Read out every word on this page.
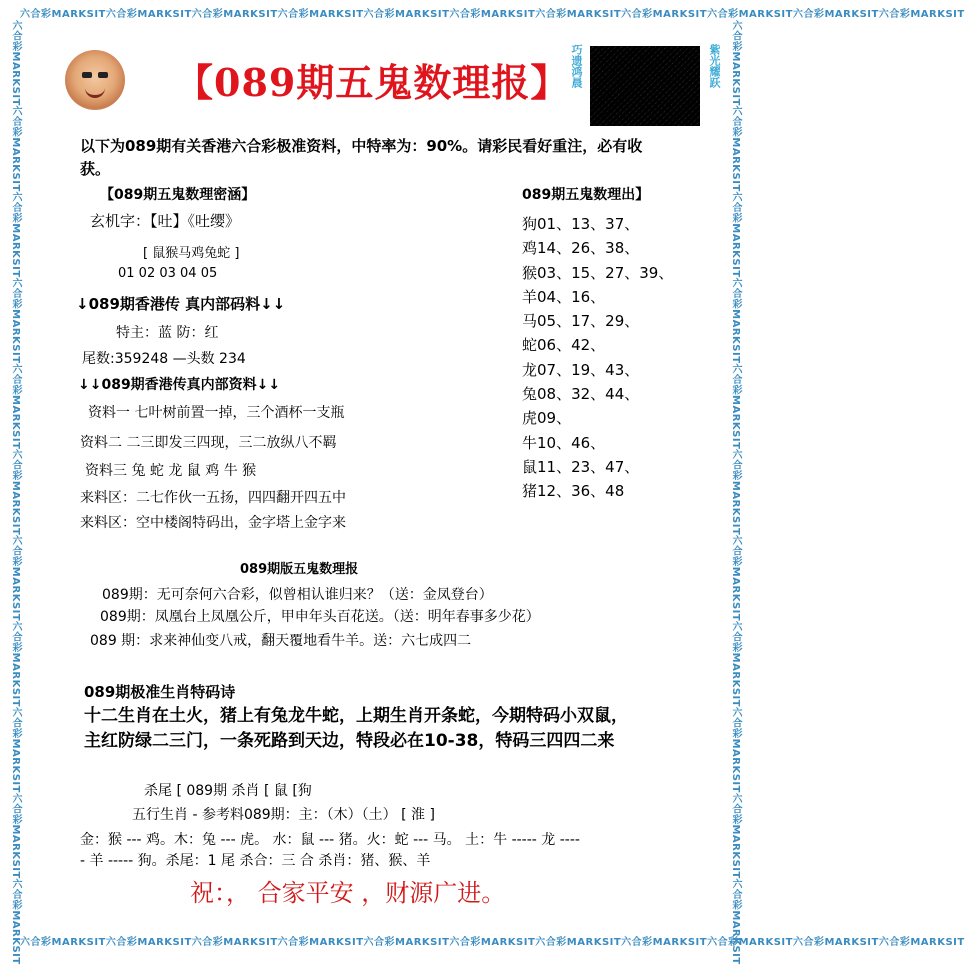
六合彩MARKSIT六合彩MARKSIT六合彩MARKSIT六合彩MARKSIT六合彩MARKSIT六合彩MARKSIT六合彩MARKSIT六合彩MARKSIT六合彩MARKSIT六合彩MARKSIT六合彩MARKSIT
六合彩MARKSIT六合彩MARKSIT六合彩MARKSIT六合彩MARKSIT六合彩MARKSIT六合彩MARKSIT六合彩MARKSIT六合彩MARKSIT六合彩MARKSIT六合彩MARKSIT六合彩MARKSIT
六合彩MARKSIT六合彩MARKSIT六合彩MARKSIT六合彩MARKSIT六合彩MARKSIT六合彩MARKSIT六合彩MARKSIT六合彩MARKSIT六合彩MARKSIT六合彩MARKSIT六合彩MARKSIT	六合彩MARKSIT六合彩MARKSIT六合彩MARKSIT六合彩MARKSIT六合彩MARKSIT六合彩MARKSIT六合彩MARKSIT六合彩MARKSIT六合彩MARKSIT六合彩MARKSIT六合彩MARKSIT
【089期五鬼数理报】 巧遗鸿晨	紫光耀跃
以下为089期有关香港六合彩极准资料，中特率为：90%。请彩民看好重注，必有收
获。
【089期五鬼数理密涵】
玄机字：【吐】《吐缨》
[ 鼠猴马鸡兔蛇 ]
01 02 03 04 05
↓089期香港传 真内部码料↓↓
特主：蓝 防：红
尾数:359248 —头数 234
↓↓089期香港传真内部资料↓↓
资料一 七叶树前置一掉，三个酒杯一支瓶
资料二 二三即发三四现，三二放纵八不羁
资料三 兔 蛇 龙 鼠 鸡 牛 猴
来料区：二七作伙一五扬，四四翻开四五中
来料区：空中楼阁特码出，金字塔上金字来
089期五鬼数理出】
狗01、13、37、
鸡14、26、38、
猴03、15、27、39、
羊04、16、
马05、17、29、
蛇06、42、
龙07、19、43、
兔08、32、44、
虎09、
牛10、46、
鼠11、23、47、
猪12、36、48
089期版五鬼数理报
089期：无可奈何六合彩，似曾相认谁归来？（送：金凤登台）
089期：凤凰台上凤凰公斤，甲申年头百花送。（送：明年春事多少花）
089 期：求来神仙变八戒，翻天覆地看牛羊。送：六七成四二
089期极准生肖特码诗
十二生肖在土火，猪上有兔龙牛蛇，上期生肖开条蛇，今期特码小双鼠，
主红防绿二三门，一条死路到天边，特段必在10-38，特码三四四二来
杀尾 [ 089期 杀肖 [ 鼠 [狗
五行生肖 - 参考料089期：主：（木）（土） [ 淮 ]
金：猴 --- 鸡。木：兔 --- 虎。 水：鼠 --- 猪。火：蛇 --- 马。 土：牛 ----- 龙 ----
- 羊 ----- 狗。杀尾：1 尾 杀合：三 合 杀肖：猪、猴、羊
祝：， 合家平安 ，财源广进。
